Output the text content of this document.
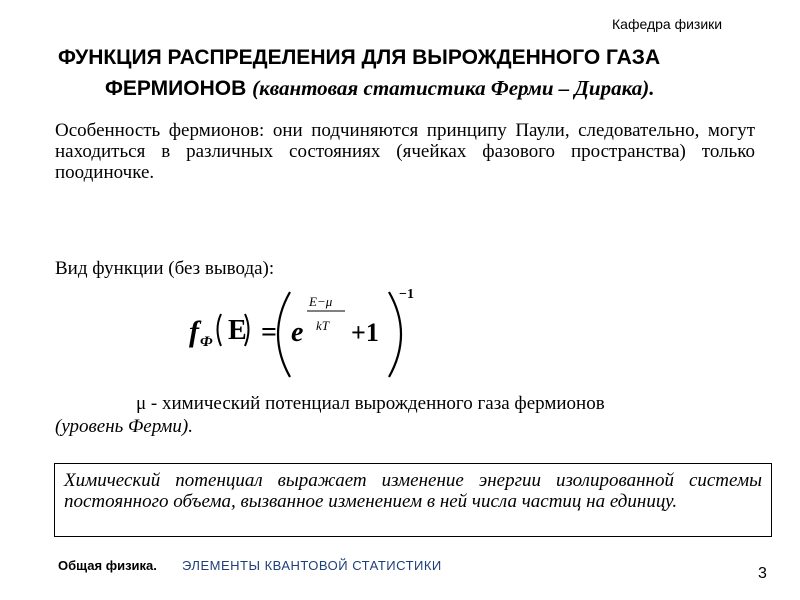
Кафедра физики
ФУНКЦИЯ РАСПРЕДЕЛЕНИЯ ДЛЯ ВЫРОЖДЕННОГО ГАЗА
ФЕРМИОНОВ (квантовая статистика Ферми – Дирака).
Особенность фермионов: они подчиняются принципу Паули, следовательно, могут находиться в различных состояниях (ячейках фазового пространства) только поодиночке.
Вид функции (без вывода):
f Ф E = e
E−μ
kT +1
−1
μ - химический потенциал вырожденного газа фермионов
(уровень Ферми).
Химический потенциал выражает изменение энергии изолированной системы постоянного объема, вызванное изменением в ней числа частиц на единицу.
Общая физика. ЭЛЕМЕНТЫ КВАНТОВОЙ СТАТИСТИКИ	3
